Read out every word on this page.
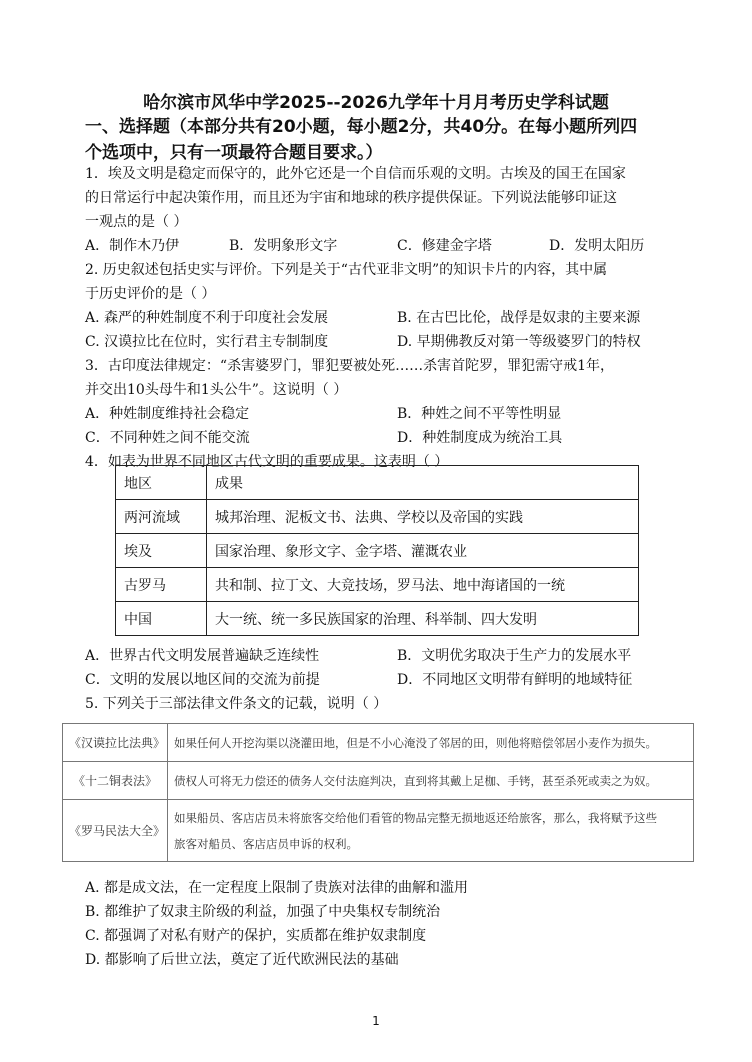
哈尔滨市风华中学2025--2026九学年十月月考历史学科试题
一、选择题（本部分共有20小题，每小题2分，共40分。在每小题所列四
个选项中，只有一项最符合题目要求。）
1．埃及文明是稳定而保守的，此外它还是一个自信而乐观的文明。古埃及的国王在国家
的日常运行中起决策作用，而且还为宇宙和地球的秩序提供保证。下列说法能够印证这
一观点的是（ ）
A．制作木乃伊	B．发明象形文字	C．修建金字塔	D．发明太阳历
2. 历史叙述包括史实与评价。下列是关于“古代亚非文明”的知识卡片的内容，其中属
于历史评价的是（ ）
A. 森严的种姓制度不利于印度社会发展	B. 在古巴比伦，战俘是奴隶的主要来源
C. 汉谟拉比在位时，实行君主专制制度	D. 早期佛教反对第一等级婆罗门的特权
3．古印度法律规定：“杀害婆罗门，罪犯要被处死……杀害首陀罗，罪犯需守戒1年，
并交出10头母牛和1头公牛”。这说明（ ）
A．种姓制度维持社会稳定	B．种姓之间不平等性明显
C．不同种姓之间不能交流	D．种姓制度成为统治工具
4．如表为世界不同地区古代文明的重要成果。这表明（ ）
地区	成果
两河流域	城邦治理、泥板文书、法典、学校以及帝国的实践
埃及	国家治理、象形文字、金字塔、灌溉农业
古罗马	共和制、拉丁文、大竞技场，罗马法、地中海诸国的一统
中国	大一统、统一多民族国家的治理、科举制、四大发明
A．世界古代文明发展普遍缺乏连续性	B．文明优劣取决于生产力的发展水平
C．文明的发展以地区间的交流为前提	D．不同地区文明带有鲜明的地域特征
5. 下列关于三部法律文件条文的记载，说明（ ）
《汉谟拉比法典》	如果任何人开挖沟渠以浇灌田地，但是不小心淹没了邻居的田，则他将赔偿邻居小麦作为损失。
《十二铜表法》	债权人可将无力偿还的债务人交付法庭判决，直到将其戴上足枷、手铐，甚至杀死或卖之为奴。
《罗马民法大全》	如果船员、客店店员未将旅客交给他们看管的物品完整无损地返还给旅客，那么，我将赋予这些
旅客对船员、客店店员申诉的权利。
A. 都是成文法，在一定程度上限制了贵族对法律的曲解和滥用
B. 都维护了奴隶主阶级的利益，加强了中央集权专制统治
C. 都强调了对私有财产的保护，实质都在维护奴隶制度
D. 都影响了后世立法，奠定了近代欧洲民法的基础
1
